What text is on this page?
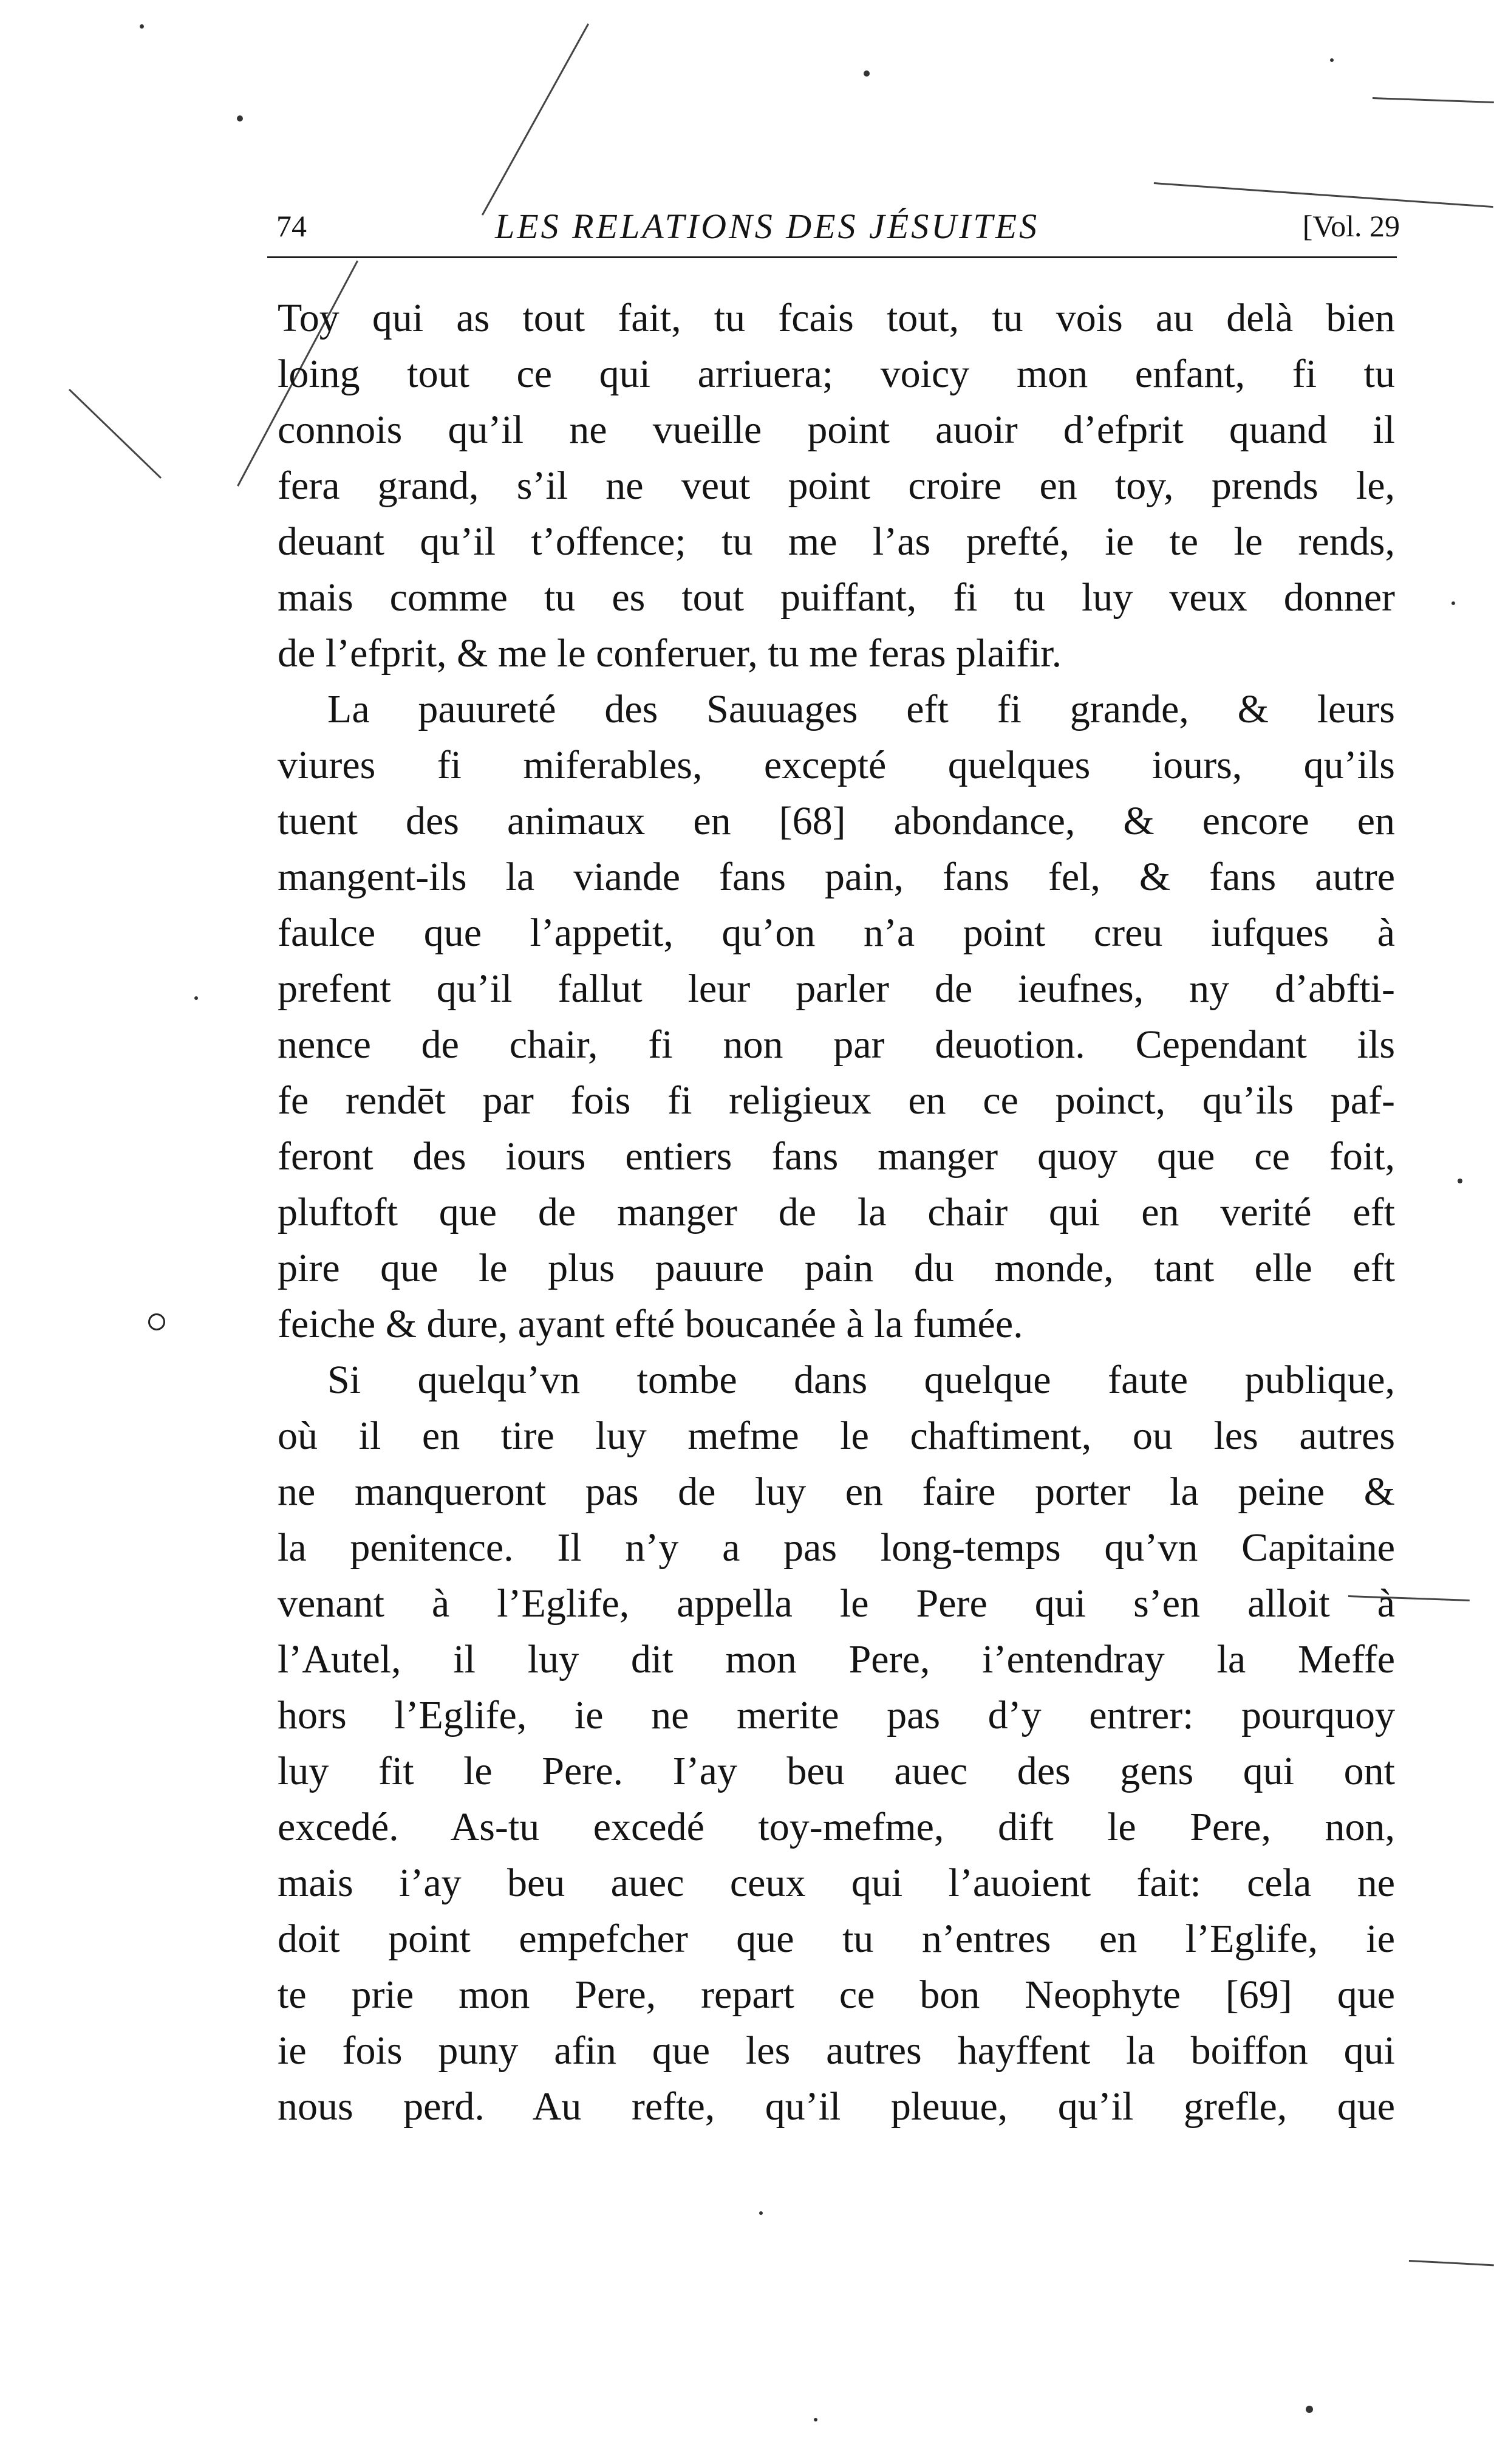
74	LES RELATIONS DES JÉSUITES	[Vol. 29
Toy qui as tout fait, tu fcais tout, tu vois au delà bien
loing tout ce qui arriuera; voicy mon enfant, fi tu
connois qu’il ne vueille point auoir d’efprit quand il
fera grand, s’il ne veut point croire en toy, prends le,
deuant qu’il t’offence; tu me l’as prefté, ie te le rends,
mais comme tu es tout puiffant, fi tu luy veux donner
de l’efprit, & me le conferuer, tu me feras plaifir.
La pauureté des Sauuages eft fi grande, & leurs
viures fi miferables, excepté quelques iours, qu’ils
tuent des animaux en [68] abondance, & encore en
mangent-ils la viande fans pain, fans fel, & fans autre
faulce que l’appetit, qu’on n’a point creu iufques à
prefent qu’il fallut leur parler de ieufnes, ny d’abfti-
nence de chair, fi non par deuotion. Cependant ils
fe rendēt par fois fi religieux en ce poinct, qu’ils paf-
feront des iours entiers fans manger quoy que ce foit,
pluftoft que de manger de la chair qui en verité eft
pire que le plus pauure pain du monde, tant elle eft
feiche & dure, ayant efté boucanée à la fumée.
Si quelqu’vn tombe dans quelque faute publique,
où il en tire luy mefme le chaftiment, ou les autres
ne manqueront pas de luy en faire porter la peine &
la penitence. Il n’y a pas long-temps qu’vn Capitaine
venant à l’Eglife, appella le Pere qui s’en alloit à
l’Autel, il luy dit mon Pere, i’entendray la Meffe
hors l’Eglife, ie ne merite pas d’y entrer: pourquoy
luy fit le Pere. I’ay beu auec des gens qui ont
excedé. As-tu excedé toy-mefme, dift le Pere, non,
mais i’ay beu auec ceux qui l’auoient fait: cela ne
doit point empefcher que tu n’entres en l’Eglife, ie
te prie mon Pere, repart ce bon Neophyte [69] que
ie fois puny afin que les autres hayffent la boiffon qui
nous perd. Au refte, qu’il pleuue, qu’il grefle, que
